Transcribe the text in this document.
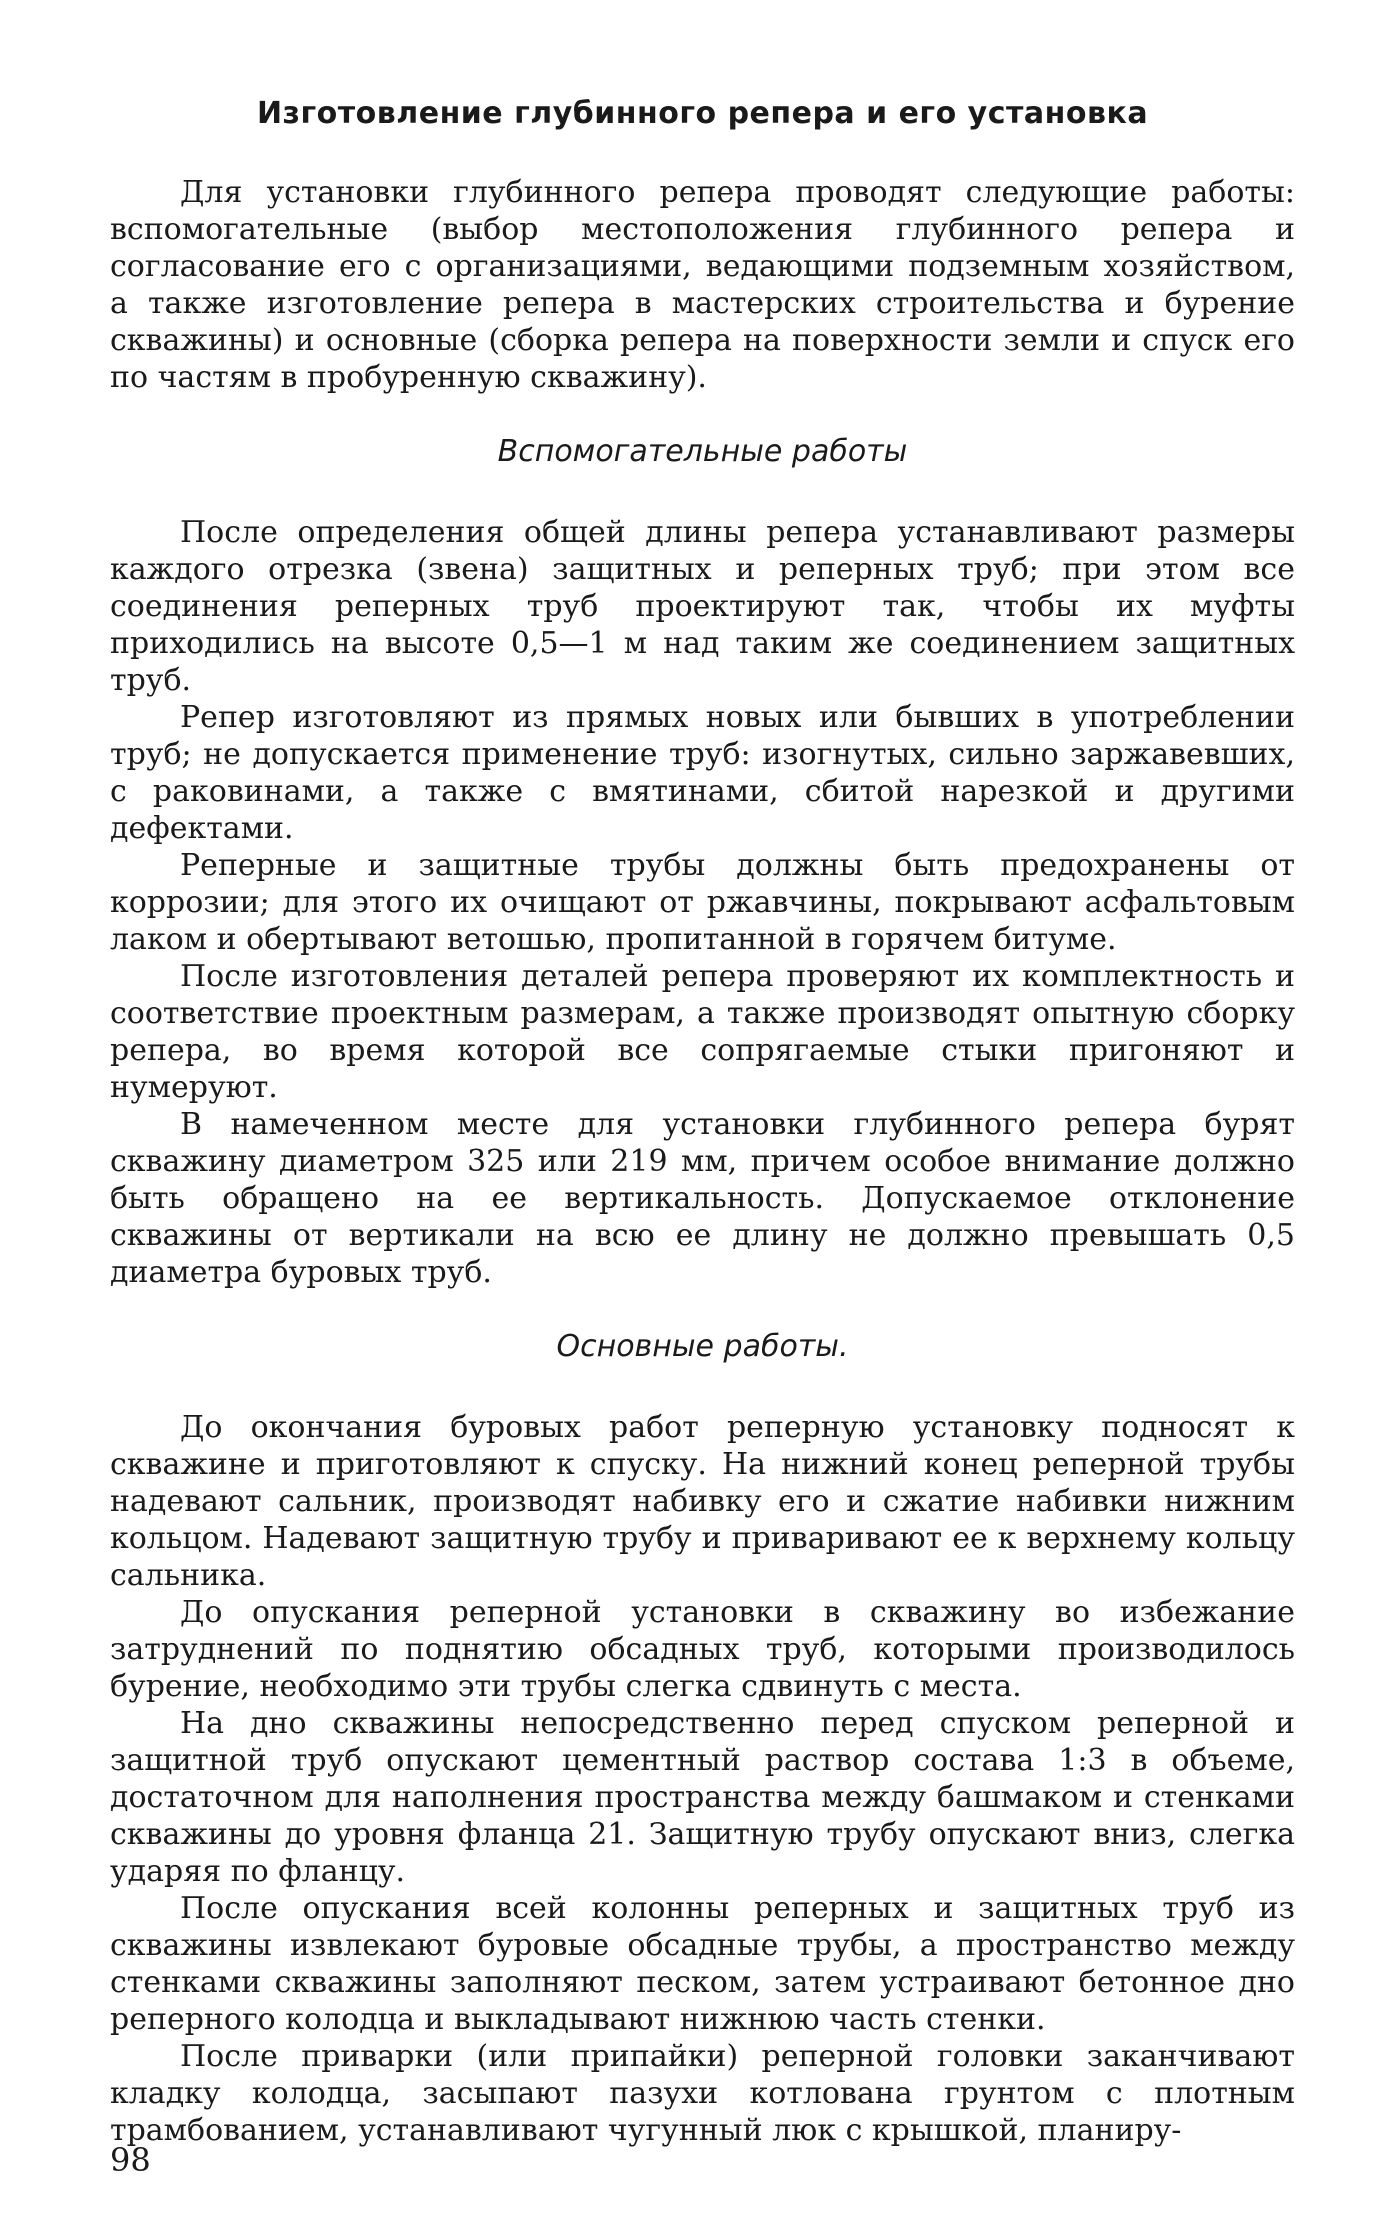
Изготовление глубинного репера и его установка

Для установки глубинного репера проводят следующие работы: вспомогательные (выбор местоположения глубинного репера и согласование его с организациями, ведающими подземным хозяйством, а также изготовление репера в мастерских строительства и бурение скважины) и основные (сборка репера на поверхности земли и спуск его по частям в пробуренную скважину).

Вспомогательные работы

После определения общей длины репера устанавливают размеры каждого отрезка (звена) защитных и реперных труб; при этом все соединения реперных труб проектируют так, чтобы их муфты приходились на высоте 0,5—1 м над таким же соединением защитных труб.

Репер изготовляют из прямых новых или бывших в употреблении труб; не допускается применение труб: изогнутых, сильно заржавевших, с раковинами, а также с вмятинами, сбитой нарезкой и другими дефектами.

Реперные и защитные трубы должны быть предохранены от коррозии; для этого их очищают от ржавчины, покрывают асфальтовым лаком и обертывают ветошью, пропитанной в горячем битуме.

После изготовления деталей репера проверяют их комплектность и соответствие проектным размерам, а также производят опытную сборку репера, во время которой все сопрягаемые стыки пригоняют и нумеруют.

В намеченном месте для установки глубинного репера бурят скважину диаметром 325 или 219 мм, причем особое внимание должно быть обращено на ее вертикальность. Допускаемое отклонение скважины от вертикали на всю ее длину не должно превышать 0,5 диаметра буровых труб.

Основные работы.

До окончания буровых работ реперную установку подносят к скважине и приготовляют к спуску. На нижний конец реперной трубы надевают сальник, производят набивку его и сжатие набивки нижним кольцом. Надевают защитную трубу и приваривают ее к верхнему кольцу сальника.

До опускания реперной установки в скважину во избежание затруднений по поднятию обсадных труб, которыми производилось бурение, необходимо эти трубы слегка сдвинуть с места.

На дно скважины непосредственно перед спуском реперной и защитной труб опускают цементный раствор состава 1:3 в объеме, достаточном для наполнения пространства между башмаком и стенками скважины до уровня фланца 21. Защитную трубу опускают вниз, слегка ударяя по фланцу.

После опускания всей колонны реперных и защитных труб из скважины извлекают буровые обсадные трубы, а пространство между стенками скважины заполняют песком, затем устраивают бетонное дно реперного колодца и выкладывают нижнюю часть стенки.

После приварки (или припайки) реперной головки заканчивают кладку колодца, засыпают пазухи котлована грунтом с плотным трамбованием, устанавливают чугунный люк с крышкой, планиру-

98
